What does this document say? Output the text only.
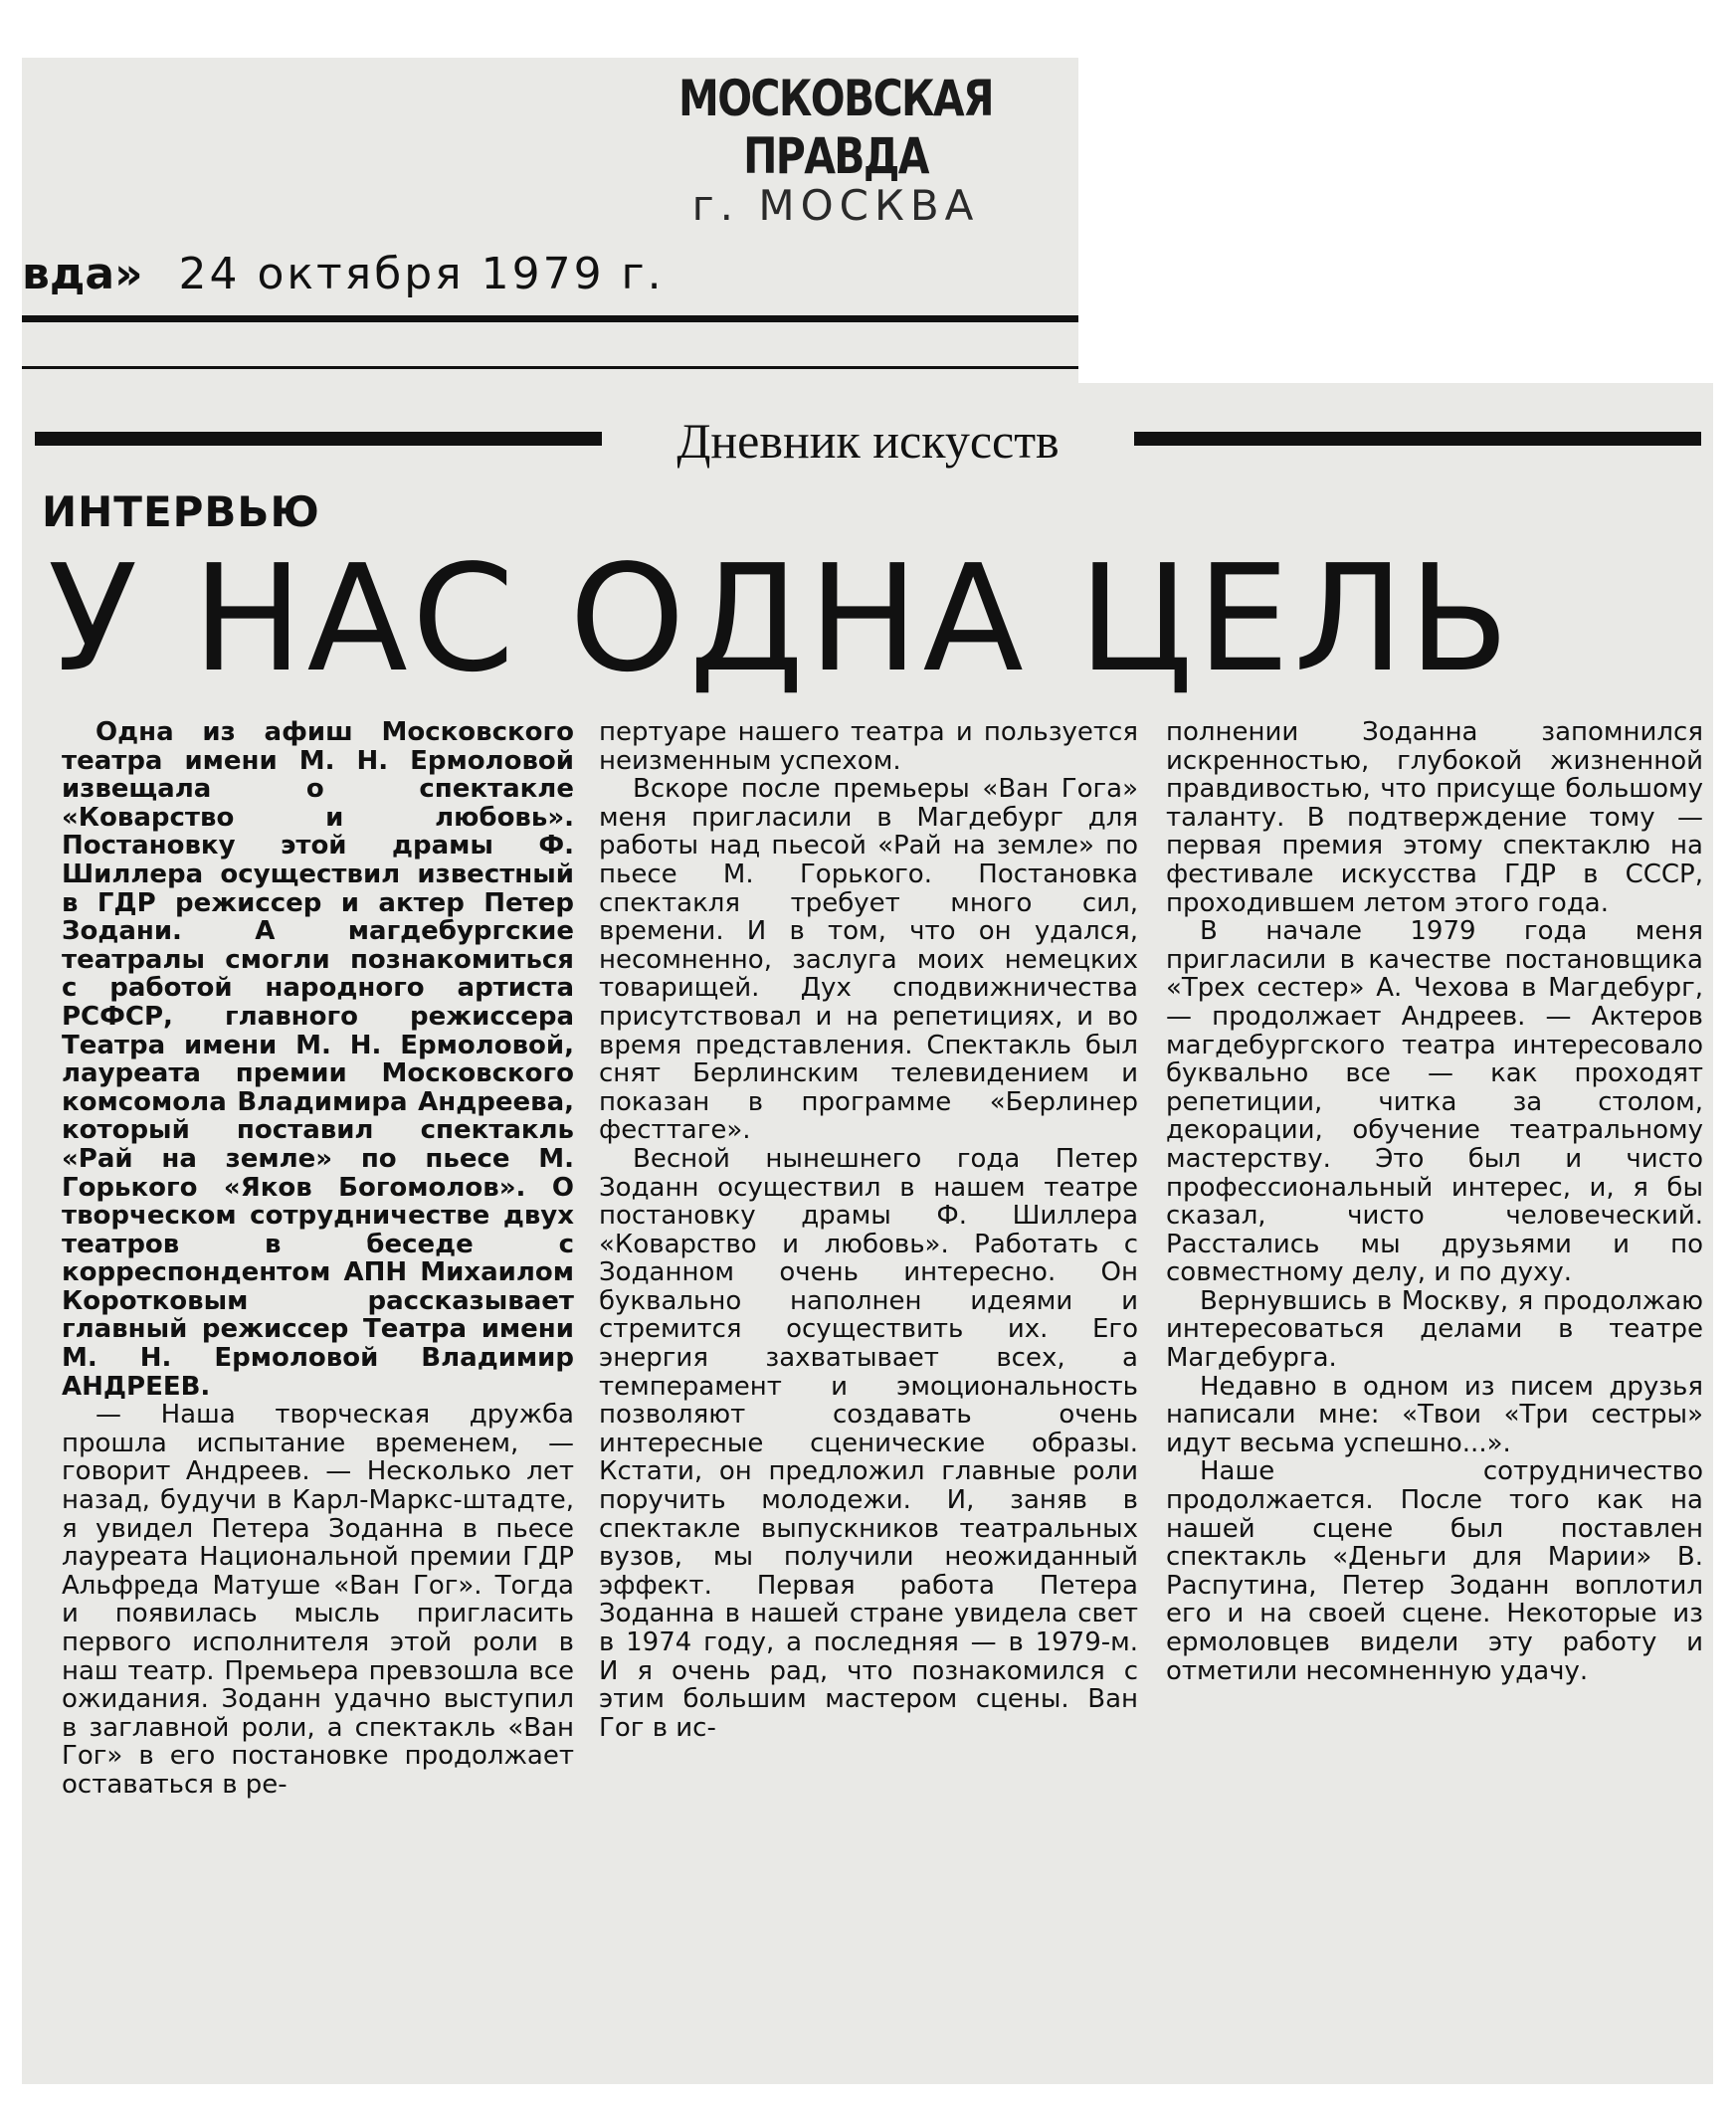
МОСКОВСКАЯ ПРАВДА
г. МОСКВА
вда» 24 октября 1979 г.
Дневник искусств
ИНТЕРВЬЮ
У НАС ОДНА ЦЕЛЬ

Одна из афиш Московского театра имени М. Н. Ермоловой извещала о спектакле «Коварство и любовь». Постановку этой драмы Ф. Шиллера осуществил известный в ГДР режиссер и актер Петер Зодани. А магдебургские театралы смогли познакомиться с работой народного артиста РСФСР, главного режиссера Театра имени М. Н. Ермоловой, лауреата премии Московского комсомола Владимира Андреева, который поставил спектакль «Рай на земле» по пьесе М. Горького «Яков Богомолов». О творческом сотрудничестве двух театров в беседе с корреспондентом АПН Михаилом Коротковым рассказывает главный режиссер Театра имени М. Н. Ермоловой Владимир АНДРЕЕВ.

— Наша творческая дружба прошла испытание временем, — говорит Андреев. — Несколько лет назад, будучи в Карл-Маркс-штадте, я увидел Петера Зоданна в пьесе лауреата Национальной премии ГДР Альфреда Матуше «Ван Гог». Тогда и появилась мысль пригласить первого исполнителя этой роли в наш театр. Премьера превзошла все ожидания. Зоданн удачно выступил в заглавной роли, а спектакль «Ван Гог» в его постановке продолжает оставаться в ре-

пертуаре нашего театра и пользуется неизменным успехом.

Вскоре после премьеры «Ван Гога» меня пригласили в Магдебург для работы над пьесой «Рай на земле» по пьесе М. Горького. Постановка спектакля требует много сил, времени. И в том, что он удался, несомненно, заслуга моих немецких товарищей. Дух сподвижничества присутствовал и на репетициях, и во время представления. Спектакль был снят Берлинским телевидением и показан в программе «Берлинер фесттаге».

Весной нынешнего года Петер Зоданн осуществил в нашем театре постановку драмы Ф. Шиллера «Коварство и любовь». Работать с Зоданном очень интересно. Он буквально наполнен идеями и стремится осуществить их. Его энергия захватывает всех, а темперамент и эмоциональность позволяют создавать очень интересные сценические образы. Кстати, он предложил главные роли поручить молодежи. И, заняв в спектакле выпускников театральных вузов, мы получили неожиданный эффект. Первая работа Петера Зоданна в нашей стране увидела свет в 1974 году, а последняя — в 1979-м. И я очень рад, что познакомился с этим большим мастером сцены. Ван Гог в ис-

полнении Зоданна запомнился искренностью, глубокой жизненной правдивостью, что присуще большому таланту. В подтверждение тому — первая премия этому спектаклю на фестивале искусства ГДР в СССР, проходившем летом этого года.

В начале 1979 года меня пригласили в качестве постановщика «Трех сестер» А. Чехова в Магдебург, — продолжает Андреев. — Актеров магдебургского театра интересовало буквально все — как проходят репетиции, читка за столом, декорации, обучение театральному мастерству. Это был и чисто профессиональный интерес, и, я бы сказал, чисто человеческий. Расстались мы друзьями и по совместному делу, и по духу.

Вернувшись в Москву, я продолжаю интересоваться делами в театре Магдебурга.

Недавно в одном из писем друзья написали мне: «Твои «Три сестры» идут весьма успешно...».

Наше сотрудничество продолжается. После того как на нашей сцене был поставлен спектакль «Деньги для Марии» В. Распутина, Петер Зоданн воплотил его и на своей сцене. Некоторые из ермоловцев видели эту работу и отметили несомненную удачу.
